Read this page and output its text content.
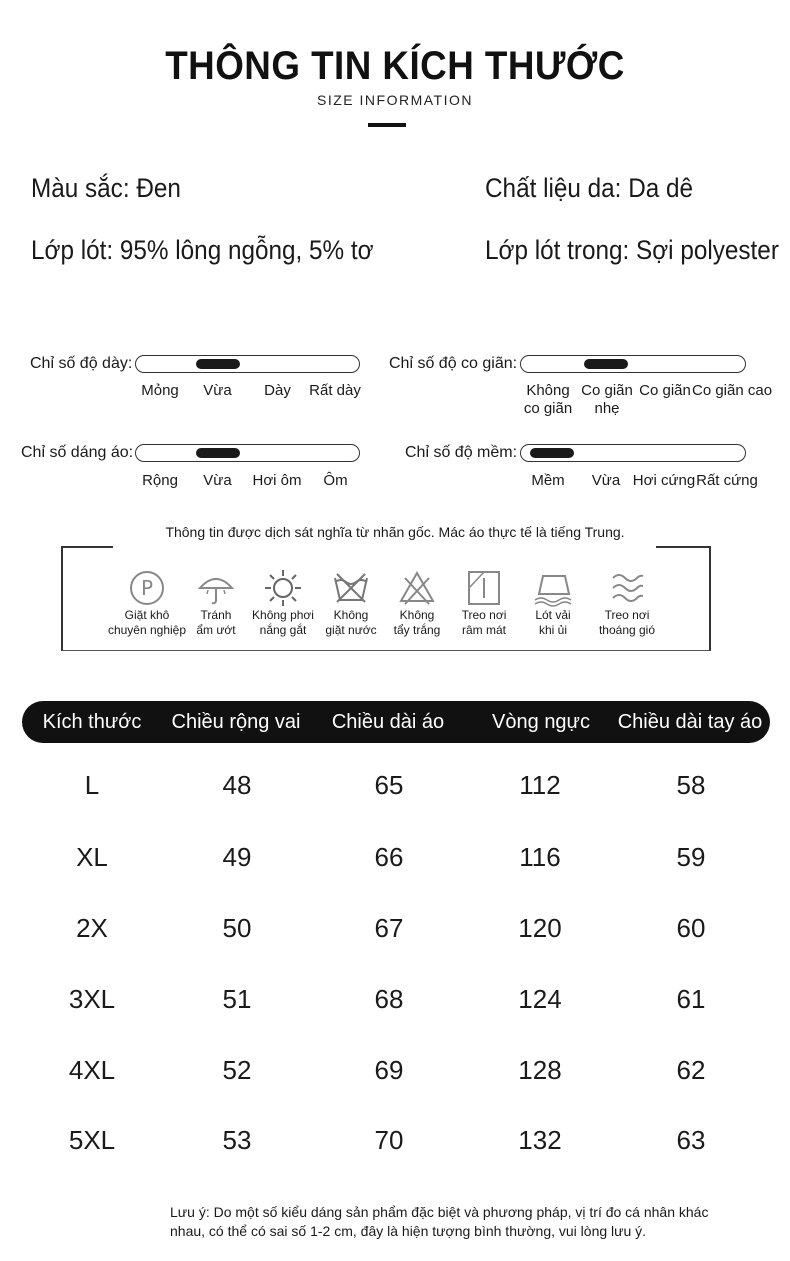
THÔNG TIN KÍCH THƯỚC
SIZE INFORMATION
Màu sắc: Đen	Chất liệu da: Da dê
Lớp lót: 95% lông ngỗng, 5% tơ	Lớp lót trong: Sợi polyester
Chỉ số độ dày:
Mỏng	Vừa	Dày	Rất dày
Chỉ số độ co giãn:
Không
co giãn
Co giãn
nhẹ
Co giãn Co giãn cao
Chỉ số dáng áo:
Rộng	Vừa	Hơi ôm	Ôm
Chỉ số độ mềm:
Mềm	Vừa Hơi cứng Rất cứng
Thông tin được dịch sát nghĩa từ nhãn gốc. Mác áo thực tế là tiếng Trung.
P
Giặt khô
chuyên nghiệp
Tránh
ẩm ướt
Không phơi
nắng gắt
Không
giặt nước
Không
tẩy trắng
Treo nơi
râm mát
Lót vải
khi ủi
Treo nơi
thoáng gió
Kích thước	Chiều rộng vai	Chiều dài áo	Vòng ngực	Chiều dài tay áo
L	48	65	112	58
XL	49	66	116	59
2X	50	67	120	60
3XL	51	68	124	61
4XL	52	69	128	62
5XL	53	70	132	63
Lưu ý: Do một số kiểu dáng sản phẩm đặc biệt và phương pháp, vị trí đo cá nhân khác
nhau, có thể có sai số 1-2 cm, đây là hiện tượng bình thường, vui lòng lưu ý.
